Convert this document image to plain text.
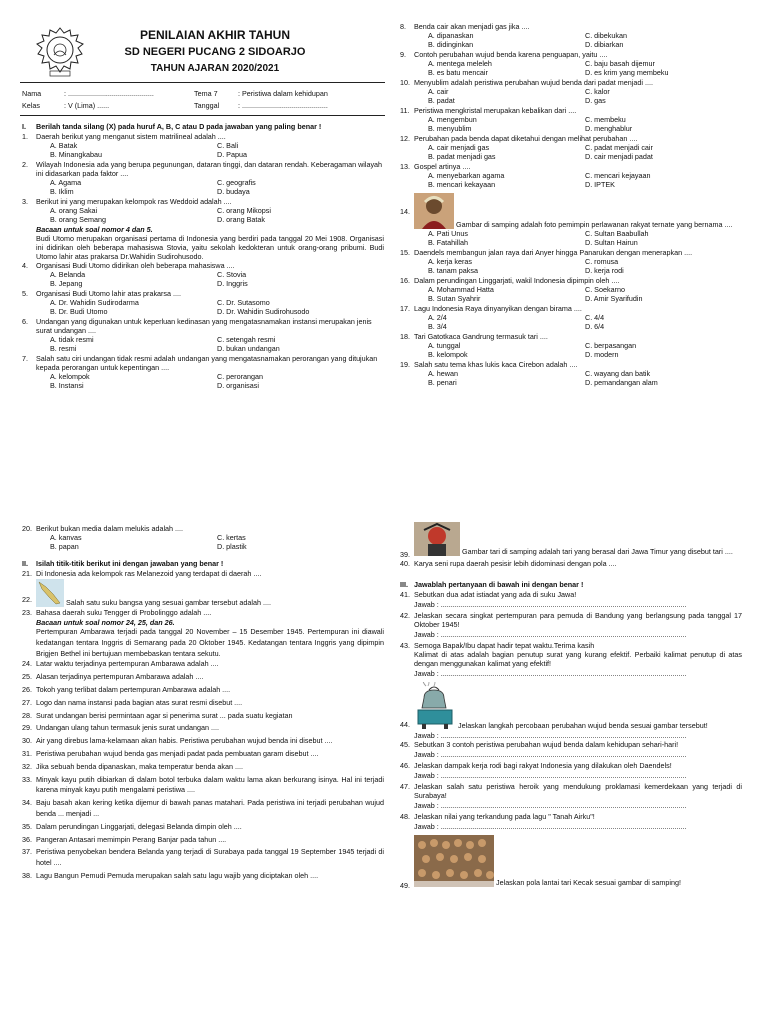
PENILAIAN AKHIR TAHUN
SD NEGERI PUCANG 2 SIDOARJO
TAHUN AJARAN 2020/2021
Nama	: ...........................................	Tema 7	: Peristiwa dalam kehidupan
Kelas	: V (Lima) ......	Tanggal	: ...........................................
I. Berilah tanda silang (X) pada huruf A, B, C atau D pada jawaban yang paling benar !
1. Daerah berikut yang menganut sistem matrilineal adalah ....
A. Batak	C. Bali
B. Minangkabau	D. Papua
2. Wilayah Indonesia ada yang berupa pegunungan, dataran tinggi, dan dataran rendah. Keberagaman wilayah ini didasarkan pada faktor ....
A. Agama	C. geografis
B. Iklim	D. budaya
3. Berikut ini yang merupakan kelompok ras Weddoid adalah ....
A. orang Sakai	C. orang Mikopsi
B. orang Semang	D. orang Batak
Bacaan untuk soal nomor 4 dan 5.
Budi Utomo merupakan organisasi pertama di Indonesia yang berdiri pada tanggal 20 Mei 1908. Organisasi ini didirikan oleh beberapa mahasiswa Stovia, yaitu sekolah kedokteran untuk orang-orang pribumi. Budi Utomo lahir atas prakarsa Dr.Wahidin Sudirohusodo.
4. Organisasi Budi Utomo didirikan oleh beberapa mahasiswa ....
A. Belanda	C. Stovia
B. Jepang	D. Inggris
5. Organisasi Budi Utomo lahir atas prakarsa ....
A. Dr. Wahidin Sudirodarma	C. Dr. Sutasomo
B. Dr. Budi Utomo	D. Dr. Wahidin Sudirohusodo
6. Undangan yang digunakan untuk keperluan kedinasan yang mengatasnamakan instansi merupakan jenis surat undangan ....
A. tidak resmi	C. setengah resmi
B. resmi	D. bukan undangan
7. Salah satu ciri undangan tidak resmi adalah undangan yang mengatasnamakan perorangan yang ditujukan kepada perorangan untuk kepentingan ....
A. kelompok	C. perorangan
B. Instansi	D. organisasi
8. Benda cair akan menjadi gas jika ....
A. dipanaskan	C. dibekukan
B. didinginkan	D. dibiarkan
9. Contoh perubahan wujud benda karena penguapan, yaitu ....
A. mentega meleleh	C. baju basah dijemur
B. es batu mencair	D. es krim yang membeku
10. Menyublim adalah peristiwa perubahan wujud benda dari padat menjadi ....
A. cair	C. kalor
B. padat	D. gas
11. Peristiwa mengkristal merupakan kebalikan dari ....
A. mengembun	C. membeku
B. menyublim	D. menghablur
12. Perubahan pada benda dapat diketahui dengan melihat perubahan ....
A. cair menjadi gas	C. padat menjadi cair
B. padat menjadi gas	D. cair menjadi padat
13. Gospel artinya ....
A. menyebarkan agama	C. mencari kejayaan
B. mencari kekayaan	D. IPTEK
14.
Gambar di samping adalah foto pemimpin perlawanan rakyat ternate yang bernama ....
A. Pati Unus	C. Sultan Baabullah
B. Fatahillah	D. Sultan Hairun
15. Daendels membangun jalan raya dari Anyer hingga Panarukan dengan menerapkan ....
A. kerja keras	C. romusa
B. tanam paksa	D. kerja rodi
16. Dalam perundingan Linggarjati, wakil Indonesia dipimpin oleh ....
A. Mohammad Hatta	C. Soekarno
B. Sutan Syahrir	D. Amir Syarifudin
17. Lagu Indonesia Raya dinyanyikan dengan birama ....
A. 2/4	C. 4/4
B. 3/4	D. 6/4
18. Tari Gatotkaca Gandrung termasuk tari ....
A. tunggal	C. berpasangan
B. kelompok	D. modern
19. Salah satu tema khas lukis kaca Cirebon adalah ....
A. hewan	C. wayang dan batik
B. penari	D. pemandangan alam
20. Berikut bukan media dalam melukis adalah ....
A. kanvas	C. kertas
B. papan	D. plastik
II. Isilah titik-titik berikut ini dengan jawaban yang benar !
21. Di Indonesia ada kelompok ras Melanezoid yang terdapat di daerah ....
22.	Salah satu suku bangsa yang sesuai gambar tersebut adalah ....
23. Bahasa daerah suku Tengger di Probolinggo adalah ....
Bacaan untuk soal nomor 24, 25, dan 26.
Pertempuran Ambarawa terjadi pada tanggal 20 November – 15 Desember 1945. Pertempuran ini diawali kedatangan tentara Inggris di Semarang pada 20 Oktober 1945. Kedatangan tentara Inggris yang dipimpin Brigjen Bethel ini bertujuan membebaskan tentara sekutu.
24. Latar waktu terjadinya pertempuran Ambarawa adalah ....
25. Alasan terjadinya pertempuran Ambarawa adalah ....
26. Tokoh yang terlibat dalam pertempuran Ambarawa adalah ....
27. Logo dan nama instansi pada bagian atas surat resmi disebut ....
28. Surat undangan berisi permintaan agar si penerima surat ... pada suatu kegiatan
29. Undangan ulang tahun termasuk jenis surat undangan ....
30. Air yang direbus lama-kelamaan akan habis. Peristiwa perubahan wujud benda ini disebut ....
31. Peristiwa perubahan wujud benda gas menjadi padat pada pembuatan garam disebut ....
32. Jika sebuah benda dipanaskan, maka temperatur benda akan ....
33. Minyak kayu putih dibiarkan di dalam botol terbuka dalam waktu lama akan berkurang isinya. Hal ini terjadi karena minyak kayu putih mengalami peristiwa ....
34. Baju basah akan kering ketika dijemur di bawah panas matahari. Pada peristiwa ini terjadi perubahan wujud benda ... menjadi ...
35. Dalam perundingan Linggarjati, delegasi Belanda dimpin oleh ....
36. Pangeran Antasari memimpin Perang Banjar pada tahun ....
37. Peristiwa penyobekan bendera Belanda yang terjadi di Surabaya pada tanggal 19 September 1945 terjadi di hotel ....
38. Lagu Bangun Pemudi Pemuda merupakan salah satu lagu wajib yang diciptakan oleh ....
39.	Gambar tari di samping adalah tari yang berasal dari Jawa Timur yang disebut tari ....
40. Karya seni rupa daerah pesisir lebih didominasi dengan pola ....
III. Jawablah pertanyaan di bawah ini dengan benar !
41. Sebutkan dua adat istiadat yang ada di suku Jawa!
Jawab : ...........................................................................................................................
42. Jelaskan secara singkat pertempuran para pemuda di Bandung yang berlangsung pada tanggal 17 Oktober 1945!
Jawab : ...........................................................................................................................
43. Semoga Bapak/Ibu dapat hadir tepat waktu.Terima kasih
Kalimat di atas adalah bagian penutup surat yang kurang efektif. Perbaiki kalimat penutup di atas dengan menggunakan kalimat yang efektif!
Jawab : ...........................................................................................................................
44.	Jelaskan langkah percobaan perubahan wujud benda sesuai gambar tersebut!
Jawab : ...........................................................................................................................
45. Sebutkan 3 contoh peristiwa perubahan wujud benda dalam kehidupan sehari-hari!
Jawab : ...........................................................................................................................
46. Jelaskan dampak kerja rodi bagi rakyat Indonesia yang dilakukan oleh Daendels!
Jawab : ...........................................................................................................................
47. Jelaskan salah satu peristiwa heroik yang mendukung proklamasi kemerdekaan yang terjadi di Surabaya!
Jawab : ...........................................................................................................................
48. Jelaskan nilai yang terkandung pada lagu " Tanah Airku"!
Jawab : ...........................................................................................................................
49.	Jelaskan pola lantai tari Kecak sesuai gambar di samping!
